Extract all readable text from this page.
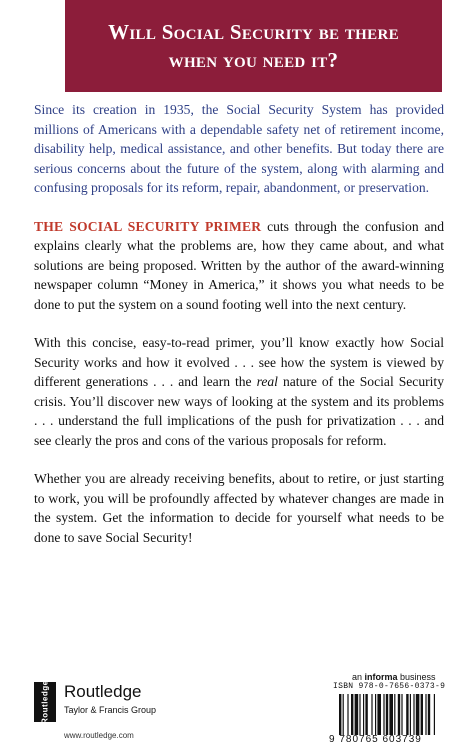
Will Social Security be there
when you need it?

Since its creation in 1935, the Social Security System has provided millions of Americans with a dependable safety net of retirement income, disability help, medical assistance, and other benefits. But today there are serious concerns about the future of the system, along with alarming and confusing proposals for its reform, repair, abandonment, or preservation.

THE SOCIAL SECURITY PRIMER cuts through the confusion and explains clearly what the problems are, how they came about, and what solutions are being proposed. Written by the author of the award-winning newspaper column “Money in America,” it shows you what needs to be done to put the system on a sound footing well into the next century.

With this concise, easy-to-read primer, you’ll know exactly how Social Security works and how it evolved . . . see how the system is viewed by different generations . . . and learn the real nature of the Social Security crisis. You’ll discover new ways of looking at the system and its problems . . . understand the full implications of the push for privatization . . . and see clearly the pros and cons of the various proposals for reform.

Whether you are already receiving benefits, about to retire, or just starting to work, you will be profoundly affected by whatever changes are made in the system. Get the information to decide for yourself what needs to be done to save Social Security!

Routledge Routledge
Taylor & Francis Group
www.routledge.com
an informa business
ISBN 978-0-7656-0373-9
9 780765 603739
